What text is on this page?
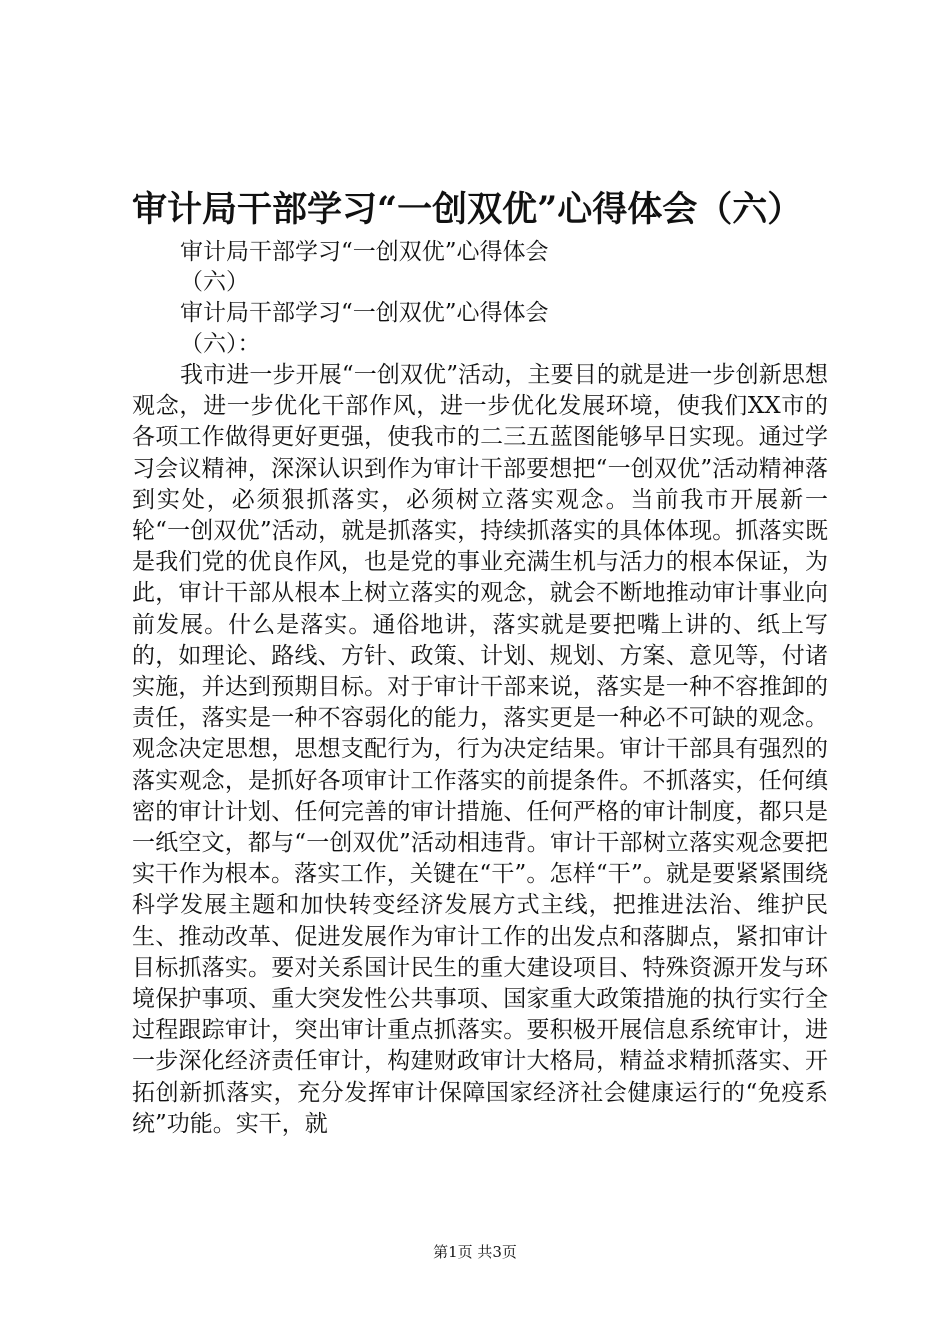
审计局干部学习“一创双优”心得体会（六）
审计局干部学习“一创双优”心得体会
（六）
审计局干部学习“一创双优”心得体会
（六）：

我市进一步开展“一创双优”活动，主要目的就是进一步创新思想观念，进一步优化干部作风，进一步优化发展环境，使我们XX市的各项工作做得更好更强，使我市的二三五蓝图能够早日实现。通过学习会议精神，深深认识到作为审计干部要想把“一创双优”活动精神落到实处，必须狠抓落实，必须树立落实观念。当前我市开展新一轮“一创双优”活动，就是抓落实，持续抓落实的具体体现。抓落实既是我们党的优良作风，也是党的事业充满生机与活力的根本保证，为此，审计干部从根本上树立落实的观念，就会不断地推动审计事业向前发展。什么是落实。通俗地讲，落实就是要把嘴上讲的、纸上写的，如理论、路线、方针、政策、计划、规划、方案、意见等，付诸实施，并达到预期目标。对于审计干部来说，落实是一种不容推卸的责任，落实是一种不容弱化的能力，落实更是一种必不可缺的观念。观念决定思想，思想支配行为，行为决定结果。审计干部具有强烈的落实观念，是抓好各项审计工作落实的前提条件。不抓落实，任何缜密的审计计划、任何完善的审计措施、任何严格的审计制度，都只是一纸空文，都与“一创双优”活动相违背。审计干部树立落实观念要把实干作为根本。落实工作，关键在“干”。怎样“干”。就是要紧紧围绕科学发展主题和加快转变经济发展方式主线，把推进法治、维护民生、推动改革、促进发展作为审计工作的出发点和落脚点，紧扣审计目标抓落实。要对关系国计民生的重大建设项目、特殊资源开发与环境保护事项、重大突发性公共事项、国家重大政策措施的执行实行全过程跟踪审计，突出审计重点抓落实。要积极开展信息系统审计，进一步深化经济责任审计，构建财政审计大格局，精益求精抓落实、开拓创新抓落实，充分发挥审计保障国家经济社会健康运行的“免疫系统”功能。实干，就

第1页 共3页
